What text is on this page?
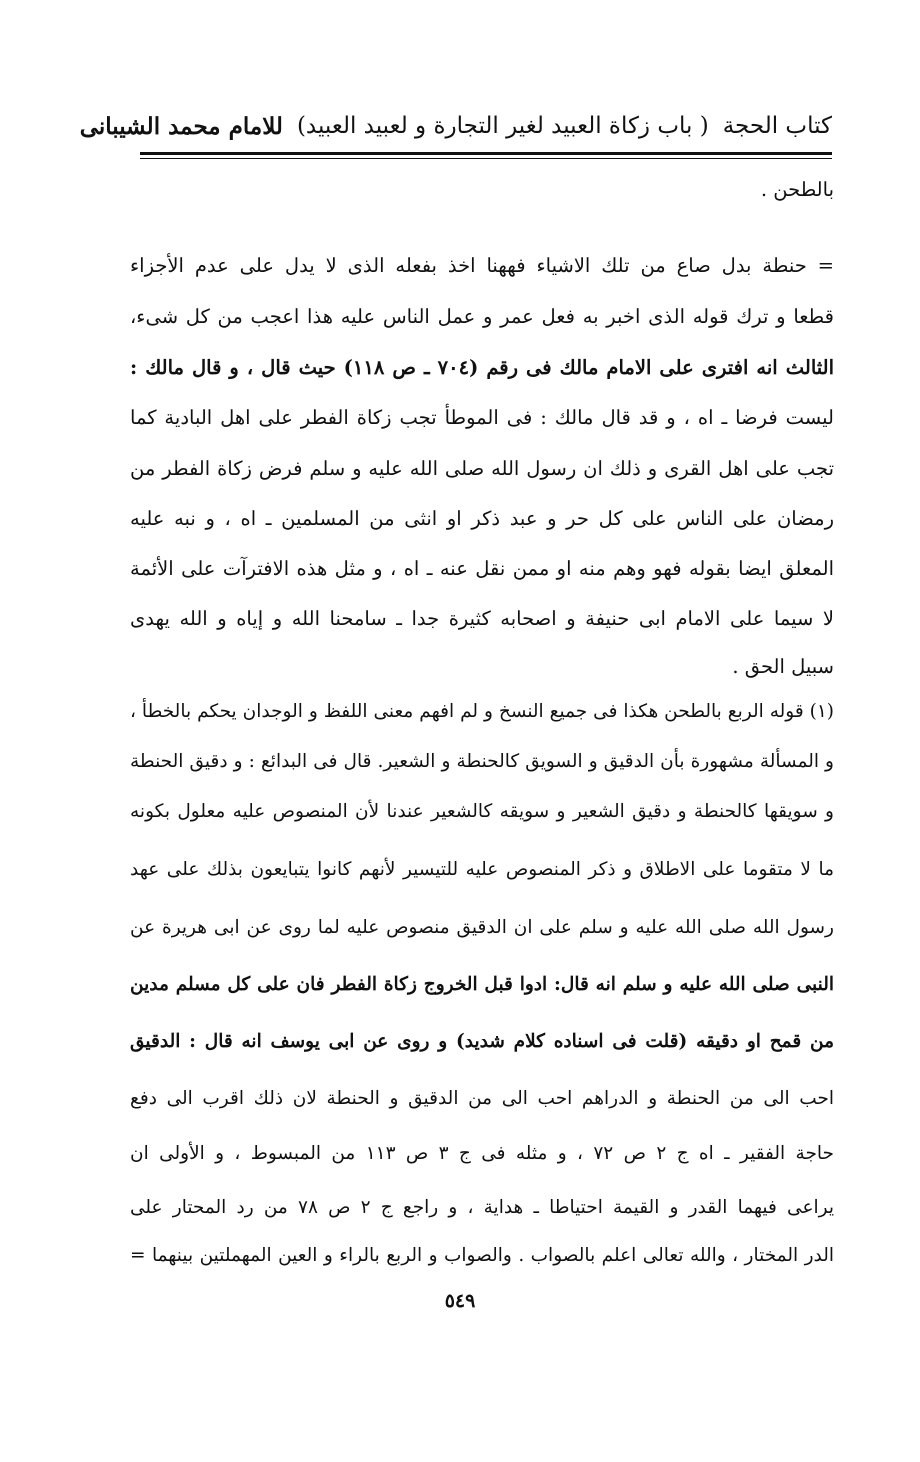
كتاب الحجة
( باب زكاة العبيد لغير التجارة و لعبيد العبيد)
للامام محمد الشيبانى
بالطحن .
= حنطة بدل صاع من تلك الاشياء فههنا اخذ بفعله الذى لا يدل على عدم الأجزاء
قطعا و ترك قوله الذى اخبر به فعل عمر و عمل الناس عليه هذا اعجب من كل شىء،
الثالث انه افترى على الامام مالك فى رقم (٧٠٤ ـ ص ١١٨) حيث قال ، و قال مالك :
ليست فرضا ـ اه ، و قد قال مالك : فى الموطأ تجب زكاة الفطر على اهل البادية كما
تجب على اهل القرى و ذلك ان رسول الله صلى الله عليه و سلم فرض زكاة الفطر من
رمضان على الناس على كل حر و عبد ذكر او انثى من المسلمين ـ اه ، و نبه عليه
المعلق ايضا بقوله فهو وهم منه او ممن نقل عنه ـ اه ، و مثل هذه الافترآت على الأئمة
لا سيما على الامام ابى حنيفة و اصحابه كثيرة جدا ـ سامحنا الله و إياه و الله يهدى
سبيل الحق .
(١) قوله الربع بالطحن هكذا فى جميع النسخ و لم افهم معنى اللفظ و الوجدان يحكم بالخطأ ،
و المسألة مشهورة بأن الدقيق و السويق كالحنطة و الشعير. قال فى البدائع : و دقيق الحنطة
و سويقها كالحنطة و دقيق الشعير و سويقه كالشعير عندنا لأن المنصوص عليه معلول بكونه
ما لا متقوما على الاطلاق و ذكر المنصوص عليه للتيسير لأنهم كانوا يتبايعون بذلك على عهد
رسول الله صلى الله عليه و سلم على ان الدقيق منصوص عليه لما روى عن ابى هريرة عن
النبى صلى الله عليه و سلم انه قال: ادوا قبل الخروج زكاة الفطر فان على كل مسلم مدين
من قمح او دقيقه (قلت فى اسناده كلام شديد) و روى عن ابى يوسف انه قال : الدقيق
احب الى من الحنطة و الدراهم احب الى من الدقيق و الحنطة لان ذلك اقرب الى دفع
حاجة الفقير ـ اه ج ٢ ص ٧٢ ، و مثله فى ج ٣ ص ١١٣ من المبسوط ، و الأولى ان
يراعى فيهما القدر و القيمة احتياطا ـ هداية ، و راجع ج ٢ ص ٧٨ من رد المحتار على
الدر المختار ، والله تعالى اعلم بالصواب . والصواب و الربع بالراء و العين المهملتين بينهما =
٥٤٩
